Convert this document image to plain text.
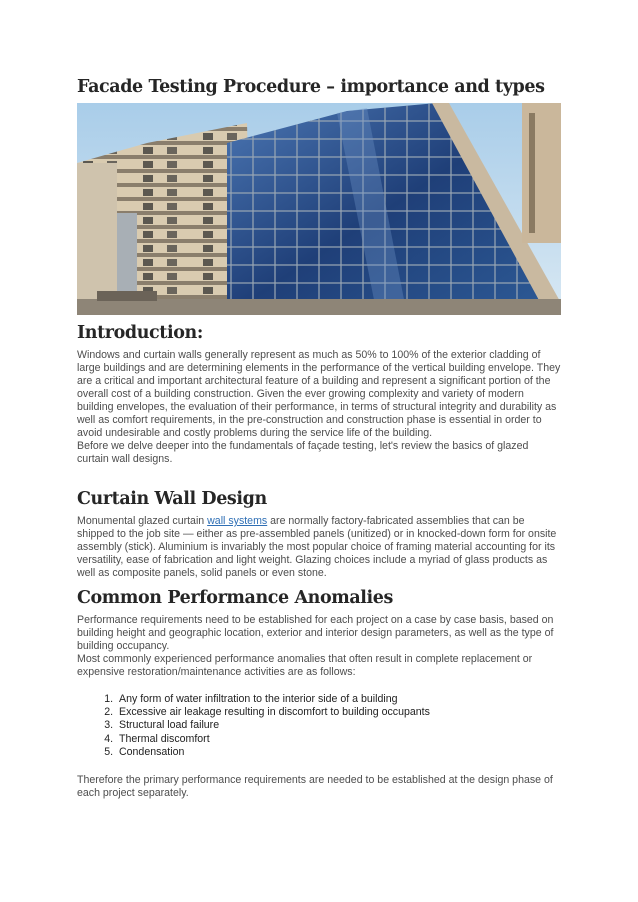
Facade Testing Procedure – importance and types
Introduction:

Windows and curtain walls generally represent as much as 50% to 100% of the exterior cladding of large buildings and are determining elements in the performance of the vertical building envelope. They are a critical and important architectural feature of a building and represent a significant portion of the overall cost of a building construction. Given the ever growing complexity and variety of modern building envelopes, the evaluation of their performance, in terms of structural integrity and durability as well as comfort requirements, in the pre-construction and construction phase is essential in order to avoid undesirable and costly problems during the service life of the building.

Before we delve deeper into the fundamentals of façade testing, let's review the basics of glazed curtain wall designs.

Curtain Wall Design

Monumental glazed curtain wall systems are normally factory-fabricated assemblies that can be shipped to the job site — either as pre-assembled panels (unitized) or in knocked-down form for onsite assembly (stick). Aluminium is invariably the most popular choice of framing material accounting for its versatility, ease of fabrication and light weight. Glazing choices include a myriad of glass products as well as composite panels, solid panels or even stone.

Common Performance Anomalies

Performance requirements need to be established for each project on a case by case basis, based on building height and geographic location, exterior and interior design parameters, as well as the type of building occupancy.

Most commonly experienced performance anomalies that often result in complete replacement or expensive restoration/maintenance activities are as follows:

1. Any form of water infiltration to the interior side of a building
2. Excessive air leakage resulting in discomfort to building occupants
3. Structural load failure
4. Thermal discomfort
5. Condensation

Therefore the primary performance requirements are needed to be established at the design phase of each project separately.
